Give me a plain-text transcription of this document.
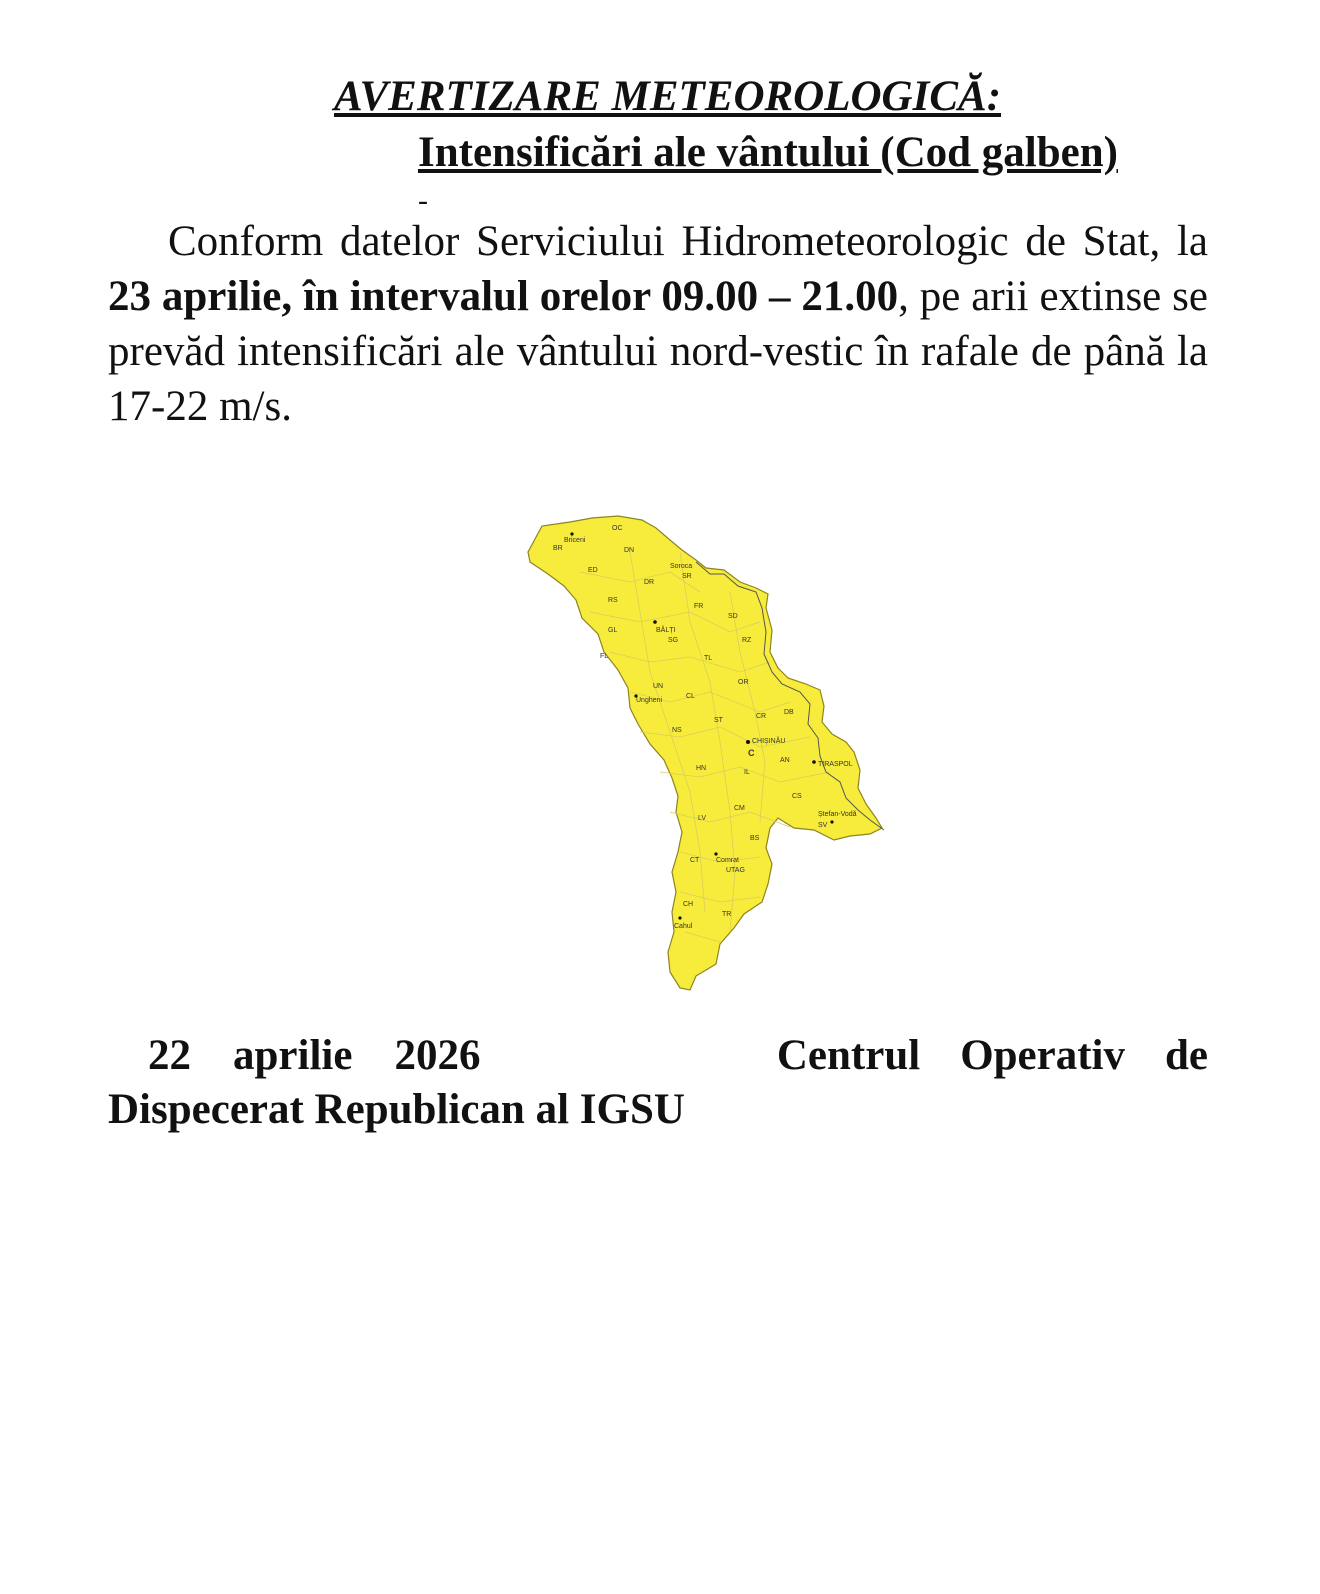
AVERTIZARE METEOROLOGICĂ:
Intensificări ale vântului (Cod galben)
-
Conform datelor Serviciului Hidrometeorologic de Stat, la 23 aprilie, în intervalul orelor 09.00 – 21.00, pe arii extinse se prevăd intensificări ale vântului nord-vestic în rafale de până la 17-22 m/s.
Briceni
BR
OC
DN
ED
Soroca
SR
DR
RS
FR
SD
BĂLȚI
GL
SG	RZ
FL	TL
OR
UN
Ungheni
CL
CR
DB
ST
NS
CHIȘINĂU
C
AN
TIRASPOL
HN
IL
CS
Ștefan-Vodă
SV
CM
LV
BS
CT Comrat
UTAG
CH
TR
Cahul
22 aprilie 2026	Centrul Operativ de
Dispecerat Republican al IGSU
